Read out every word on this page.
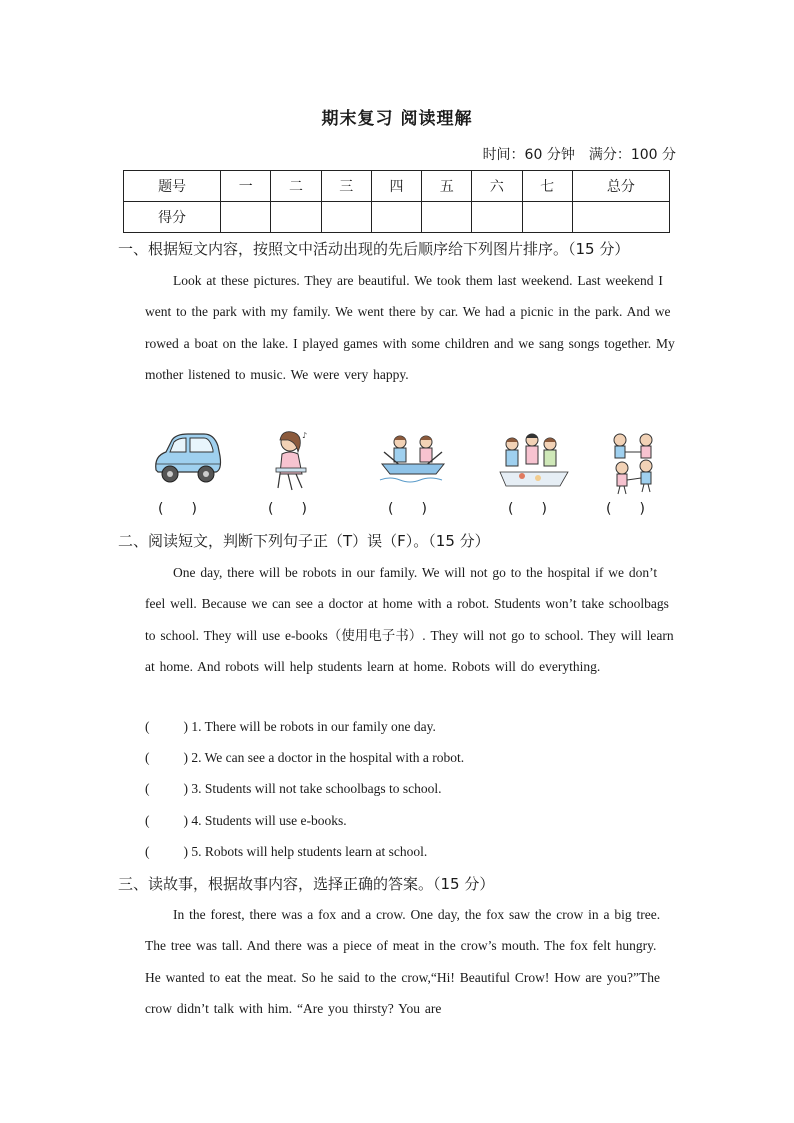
期末复习 阅读理解
时间：60 分钟　满分：100 分
题号	一	二	三	四	五	六	七	总分
得分								
一、根据短文内容，按照文中活动出现的先后顺序给下列图片排序。（15 分）
Look at these pictures. They are beautiful. We took them last weekend. Last weekend I went to the park with my family. We went there by car. We had a picnic in the park. And we rowed a boat on the lake. I played games with some children and we sang songs together. My mother listened to music. We were very happy.
♪
(　　)	(　　)	(　　)	(　　)	(　　)
二、阅读短文，判断下列句子正（T）误（F）。（15 分）
One day, there will be robots in our family. We will not go to the hospital if we don’t feel well. Because we can see a doctor at home with a robot. Students won’t take schoolbags to school. They will use e-books（使用电子书）. They will not go to school. They will learn at home. And robots will help students learn at home. Robots will do everything.
(	) 1. There will be robots in our family one day.
(	) 2. We can see a doctor in the hospital with a robot.
(	) 3. Students will not take schoolbags to school.
(	) 4. Students will use e-books.
(	) 5. Robots will help students learn at school.
三、读故事，根据故事内容，选择正确的答案。（15 分）
In the forest, there was a fox and a crow. One day, the fox saw the crow in a big tree. The tree was tall. And there was a piece of meat in the crow’s mouth. The fox felt hungry. He wanted to eat the meat. So he said to the crow,“Hi! Beautiful Crow! How are you?”The crow didn’t talk with him. “Are you thirsty? You are
